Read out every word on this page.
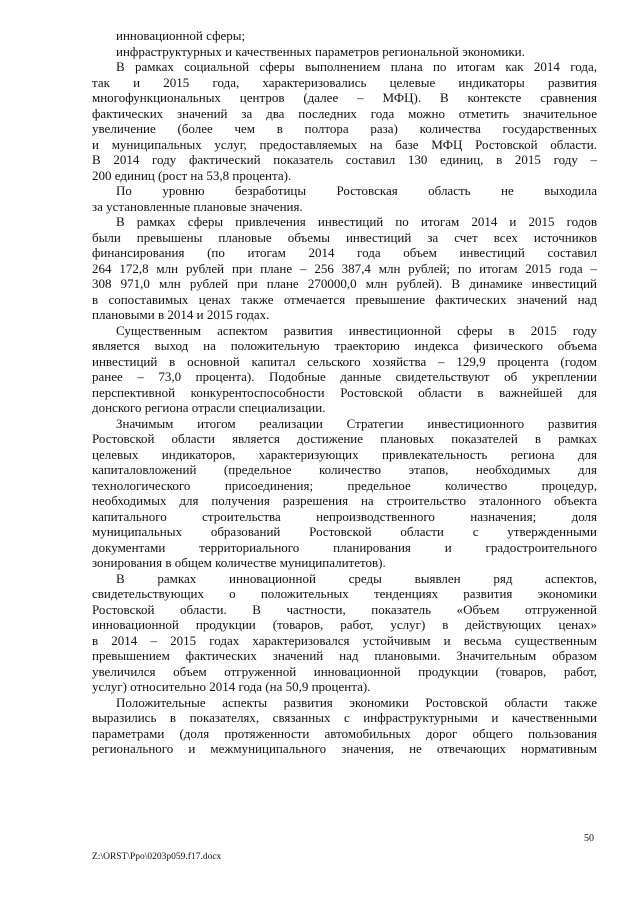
инновационной сферы;
инфраструктурных и качественных параметров региональной экономики.
В рамках социальной сферы выполнением плана по итогам как 2014 года,
так и 2015 года, характеризовались целевые индикаторы развития
многофункциональных центров (далее – МФЦ). В контексте сравнения
фактических значений за два последних года можно отметить значительное
увеличение (более чем в полтора раза) количества государственных
и муниципальных услуг, предоставляемых на базе МФЦ Ростовской области.
В 2014 году фактический показатель составил 130 единиц, в 2015 году –
200 единиц (рост на 53,8 процента).
По уровню безработицы Ростовская область не выходила
за установленные плановые значения.
В рамках сферы привлечения инвестиций по итогам 2014 и 2015 годов
были превышены плановые объемы инвестиций за счет всех источников
финансирования (по итогам 2014 года объем инвестиций составил
264 172,8 млн рублей при плане – 256 387,4 млн рублей; по итогам 2015 года –
308 971,0 млн рублей при плане 270000,0 млн рублей). В динамике инвестиций
в сопоставимых ценах также отмечается превышение фактических значений над
плановыми в 2014 и 2015 годах.
Существенным аспектом развития инвестиционной сферы в 2015 году
является выход на положительную траекторию индекса физического объема
инвестиций в основной капитал сельского хозяйства – 129,9 процента (годом
ранее – 73,0 процента). Подобные данные свидетельствуют об укреплении
перспективной конкурентоспособности Ростовской области в важнейшей для
донского региона отрасли специализации.
Значимым итогом реализации Стратегии инвестиционного развития
Ростовской области является достижение плановых показателей в рамках
целевых индикаторов, характеризующих привлекательность региона для
капиталовложений (предельное количество этапов, необходимых для
технологического присоединения; предельное количество процедур,
необходимых для получения разрешения на строительство эталонного объекта
капитального строительства непроизводственного назначения; доля
муниципальных образований Ростовской области с утвержденными
документами территориального планирования и градостроительного
зонирования в общем количестве муниципалитетов).
В рамках инновационной среды выявлен ряд аспектов,
свидетельствующих о положительных тенденциях развития экономики
Ростовской области. В частности, показатель «Объем отгруженной
инновационной продукции (товаров, работ, услуг) в действующих ценах»
в 2014 – 2015 годах характеризовался устойчивым и весьма существенным
превышением фактических значений над плановыми. Значительным образом
увеличился объем отгруженной инновационной продукции (товаров, работ,
услуг) относительно 2014 года (на 50,9 процента).
Положительные аспекты развития экономики Ростовской области также
выразились в показателях, связанных с инфраструктурными и качественными
параметрами (доля протяженности автомобильных дорог общего пользования
регионального и межмуниципального значения, не отвечающих нормативным
50
Z:\ORST\Ppo\0203p059.f17.docx
